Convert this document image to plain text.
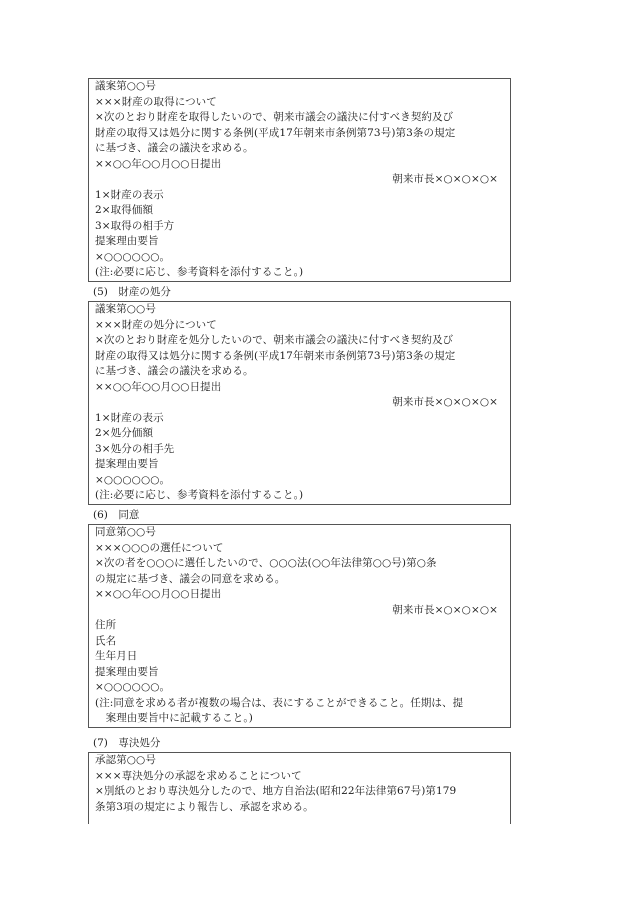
議案第○○号
×××財産の取得について
×次のとおり財産を取得したいので、朝来市議会の議決に付すべき契約及び
財産の取得又は処分に関する条例(平成17年朝来市条例第73号)第3条の規定
に基づき、議会の議決を求める。
××○○年○○月○○日提出
朝来市長×○×○×○×
1×財産の表示
2×取得価額
3×取得の相手方
提案理由要旨
×○○○○○○。
(注:必要に応じ、参考資料を添付すること。)
(5)　財産の処分
議案第○○号
×××財産の処分について
×次のとおり財産を処分したいので、朝来市議会の議決に付すべき契約及び
財産の取得又は処分に関する条例(平成17年朝来市条例第73号)第3条の規定
に基づき、議会の議決を求める。
××○○年○○月○○日提出
朝来市長×○×○×○×
1×財産の表示
2×処分価額
3×処分の相手先
提案理由要旨
×○○○○○○。
(注:必要に応じ、参考資料を添付すること。)
(6)　同意
同意第○○号
×××○○○の選任について
×次の者を○○○に選任したいので、○○○法(○○年法律第○○号)第○条
の規定に基づき、議会の同意を求める。
××○○年○○月○○日提出
朝来市長×○×○×○×
住所
氏名
生年月日
提案理由要旨
×○○○○○○。
(注:同意を求める者が複数の場合は、表にすることができること。任期は、提
　案理由要旨中に記載すること。)
(7)　専決処分
承認第○○号
×××専決処分の承認を求めることについて
×別紙のとおり専決処分したので、地方自治法(昭和22年法律第67号)第179
条第3項の規定により報告し、承認を求める。
